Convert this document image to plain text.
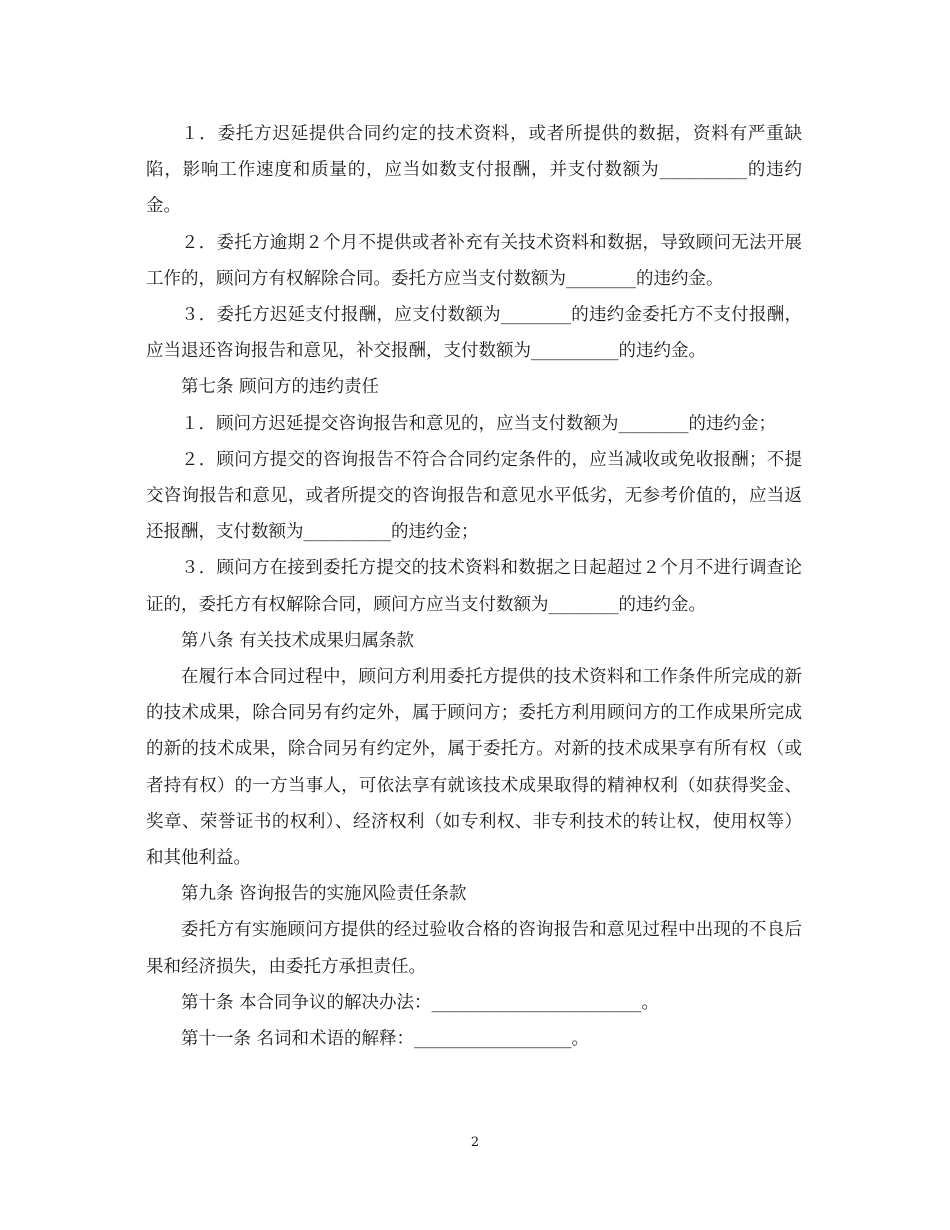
１．委托方迟延提供合同约定的技术资料，或者所提供的数据，资料有严重缺陷，影响工作速度和质量的，应当如数支付报酬，并支付数额为__________的违约金。

２．委托方逾期２个月不提供或者补充有关技术资料和数据，导致顾问无法开展工作的，顾问方有权解除合同。委托方应当支付数额为________的违约金。

３．委托方迟延支付报酬，应支付数额为________的违约金委托方不支付报酬，应当退还咨询报告和意见，补交报酬，支付数额为__________的违约金。

第七条 顾问方的违约责任

１．顾问方迟延提交咨询报告和意见的，应当支付数额为________的违约金；

２．顾问方提交的咨询报告不符合合同约定条件的，应当减收或免收报酬；不提交咨询报告和意见，或者所提交的咨询报告和意见水平低劣，无参考价值的，应当返还报酬，支付数额为__________的违约金；

３．顾问方在接到委托方提交的技术资料和数据之日起超过２个月不进行调查论证的，委托方有权解除合同，顾问方应当支付数额为________的违约金。

第八条 有关技术成果归属条款

在履行本合同过程中，顾问方利用委托方提供的技术资料和工作条件所完成的新的技术成果，除合同另有约定外，属于顾问方；委托方利用顾问方的工作成果所完成的新的技术成果，除合同另有约定外，属于委托方。对新的技术成果享有所有权（或者持有权）的一方当事人，可依法享有就该技术成果取得的精神权利（如获得奖金、奖章、荣誉证书的权利）、经济权利（如专利权、非专利技术的转让权，使用权等）和其他利益。

第九条 咨询报告的实施风险责任条款

委托方有实施顾问方提供的经过验收合格的咨询报告和意见过程中出现的不良后果和经济损失，由委托方承担责任。

第十条 本合同争议的解决办法：________________________。

第十一条 名词和术语的解释：__________________。

2
